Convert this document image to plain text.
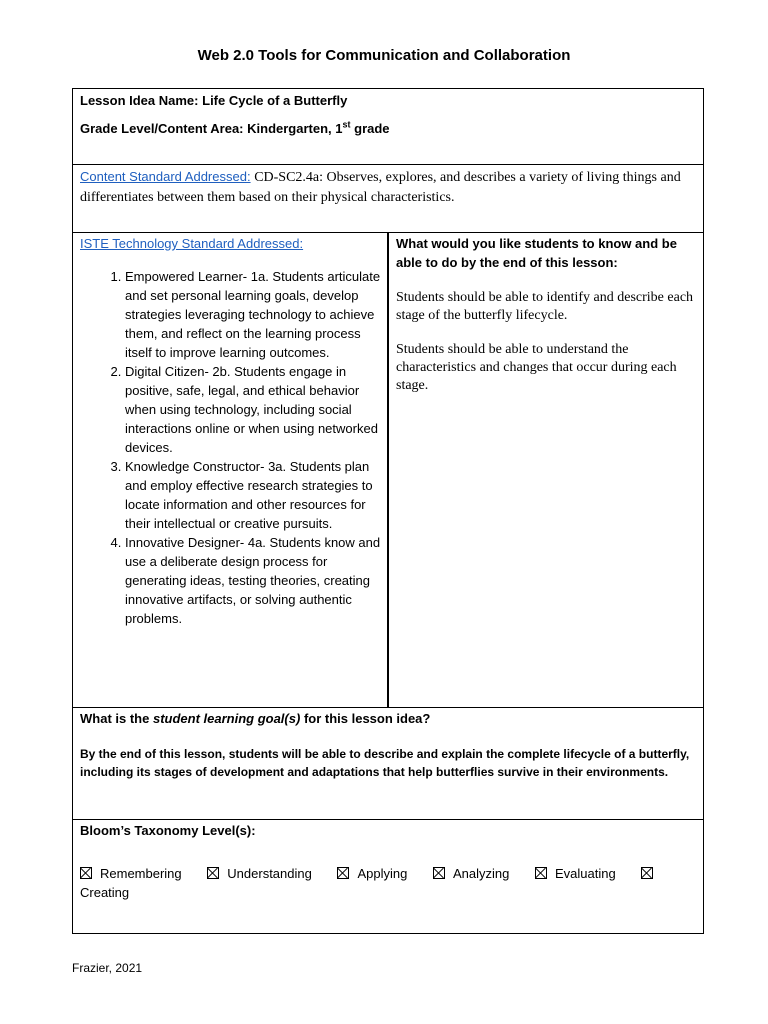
Web 2.0 Tools for Communication and Collaboration
Lesson Idea Name: Life Cycle of a Butterfly
Grade Level/Content Area: Kindergarten, 1st grade
Content Standard Addressed: CD-SC2.4a: Observes, explores, and describes a variety of living things and differentiates between them based on their physical characteristics.
ISTE Technology Standard Addressed:
1. Empowered Learner- 1a. Students articulate and set personal learning goals, develop strategies leveraging technology to achieve them, and reflect on the learning process itself to improve learning outcomes.
2. Digital Citizen- 2b. Students engage in positive, safe, legal, and ethical behavior when using technology, including social interactions online or when using networked devices.
3. Knowledge Constructor- 3a. Students plan and employ effective research strategies to locate information and other resources for their intellectual or creative pursuits.
4. Innovative Designer- 4a. Students know and use a deliberate design process for generating ideas, testing theories, creating innovative artifacts, or solving authentic problems.
What would you like students to know and be able to do by the end of this lesson:
Students should be able to identify and describe each stage of the butterfly lifecycle.
Students should be able to understand the characteristics and changes that occur during each stage.
What is the student learning goal(s) for this lesson idea?
By the end of this lesson, students will be able to describe and explain the complete lifecycle of a butterfly, including its stages of development and adaptations that help butterflies survive in their environments.
Bloom’s Taxonomy Level(s):
Remembering	Understanding	Applying	Analyzing	Evaluating
Creating
Frazier, 2021
